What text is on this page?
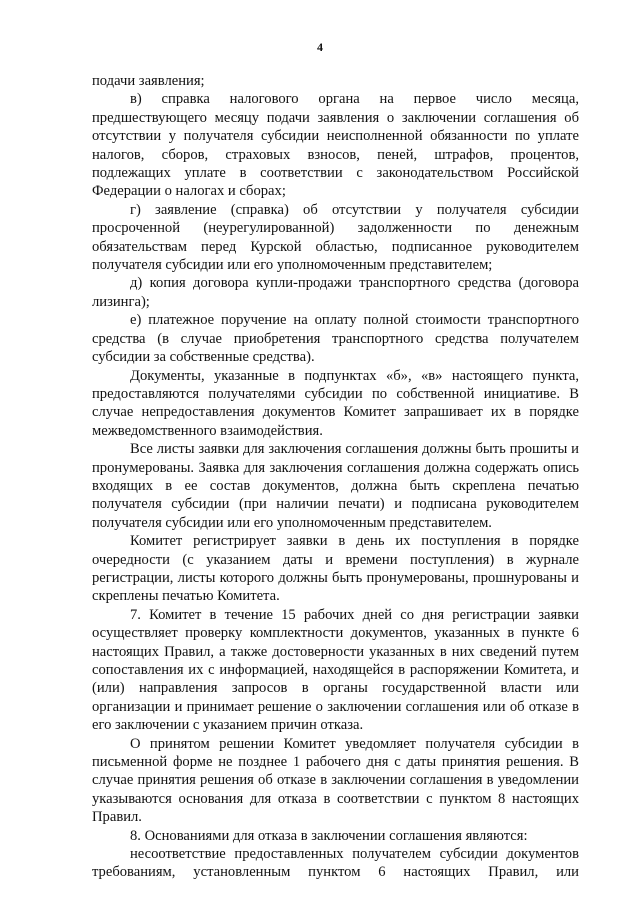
4

подачи заявления;

в) справка налогового органа на первое число месяца, предшествующего месяцу подачи заявления о заключении соглашения об отсутствии у получателя субсидии неисполненной обязанности по уплате налогов, сборов, страховых взносов, пеней, штрафов, процентов, подлежащих уплате в соответствии с законодательством Российской Федерации о налогах и сборах;

г) заявление (справка) об отсутствии у получателя субсидии просроченной (неурегулированной) задолженности по денежным обязательствам перед Курской областью, подписанное руководителем получателя субсидии или его уполномоченным представителем;

д) копия договора купли-продажи транспортного средства (договора лизинга);

е) платежное поручение на оплату полной стоимости транспортного средства (в случае приобретения транспортного средства получателем субсидии за собственные средства).

Документы, указанные в подпунктах «б», «в» настоящего пункта, предоставляются получателями субсидии по собственной инициативе. В случае непредоставления документов Комитет запрашивает их в порядке межведомственного взаимодействия.

Все листы заявки для заключения соглашения должны быть прошиты и пронумерованы. Заявка для заключения соглашения должна содержать опись входящих в ее состав документов, должна быть скреплена печатью получателя субсидии (при наличии печати) и подписана руководителем получателя субсидии или его уполномоченным представителем.

Комитет регистрирует заявки в день их поступления в порядке очередности (с указанием даты и времени поступления) в журнале регистрации, листы которого должны быть пронумерованы, прошнурованы и скреплены печатью Комитета.

7. Комитет в течение 15 рабочих дней со дня регистрации заявки осуществляет проверку комплектности документов, указанных в пункте 6 настоящих Правил, а также достоверности указанных в них сведений путем сопоставления их с информацией, находящейся в распоряжении Комитета, и (или) направления запросов в органы государственной власти или организации и принимает решение о заключении соглашения или об отказе в его заключении с указанием причин отказа.

О принятом решении Комитет уведомляет получателя субсидии в письменной форме не позднее 1 рабочего дня с даты принятия решения. В случае принятия решения об отказе в заключении соглашения в уведомлении указываются основания для отказа в соответствии с пунктом 8 настоящих Правил.

8. Основаниями для отказа в заключении соглашения являются:

несоответствие предоставленных получателем субсидии документов требованиям, установленным пунктом 6 настоящих Правил, или
